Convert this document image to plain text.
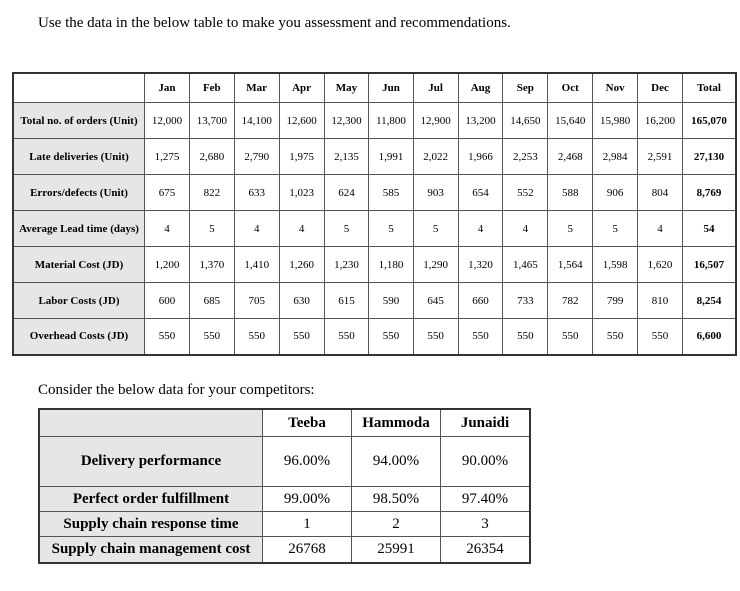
Use the data in the below table to make you assessment and recommendations.
	Jan	Feb	Mar	Apr	May	Jun	Jul	Aug	Sep	Oct	Nov	Dec	Total
Total no. of orders (Unit)	12,000	13,700	14,100	12,600	12,300	11,800	12,900	13,200	14,650	15,640	15,980	16,200	165,070
Late deliveries (Unit)	1,275	2,680	2,790	1,975	2,135	1,991	2,022	1,966	2,253	2,468	2,984	2,591	27,130
Errors/defects (Unit)	675	822	633	1,023	624	585	903	654	552	588	906	804	8,769
Average Lead time (days)	4	5	4	4	5	5	5	4	4	5	5	4	54
Material Cost (JD)	1,200	1,370	1,410	1,260	1,230	1,180	1,290	1,320	1,465	1,564	1,598	1,620	16,507
Labor Costs (JD)	600	685	705	630	615	590	645	660	733	782	799	810	8,254
Overhead Costs (JD)	550	550	550	550	550	550	550	550	550	550	550	550	6,600
Consider the below data for your competitors:
	Teeba	Hammoda	Junaidi
Delivery performance	96.00%	94.00%	90.00%
Perfect order fulfillment	99.00%	98.50%	97.40%
Supply chain response time	1	2	3
Supply chain management cost	26768	25991	26354
